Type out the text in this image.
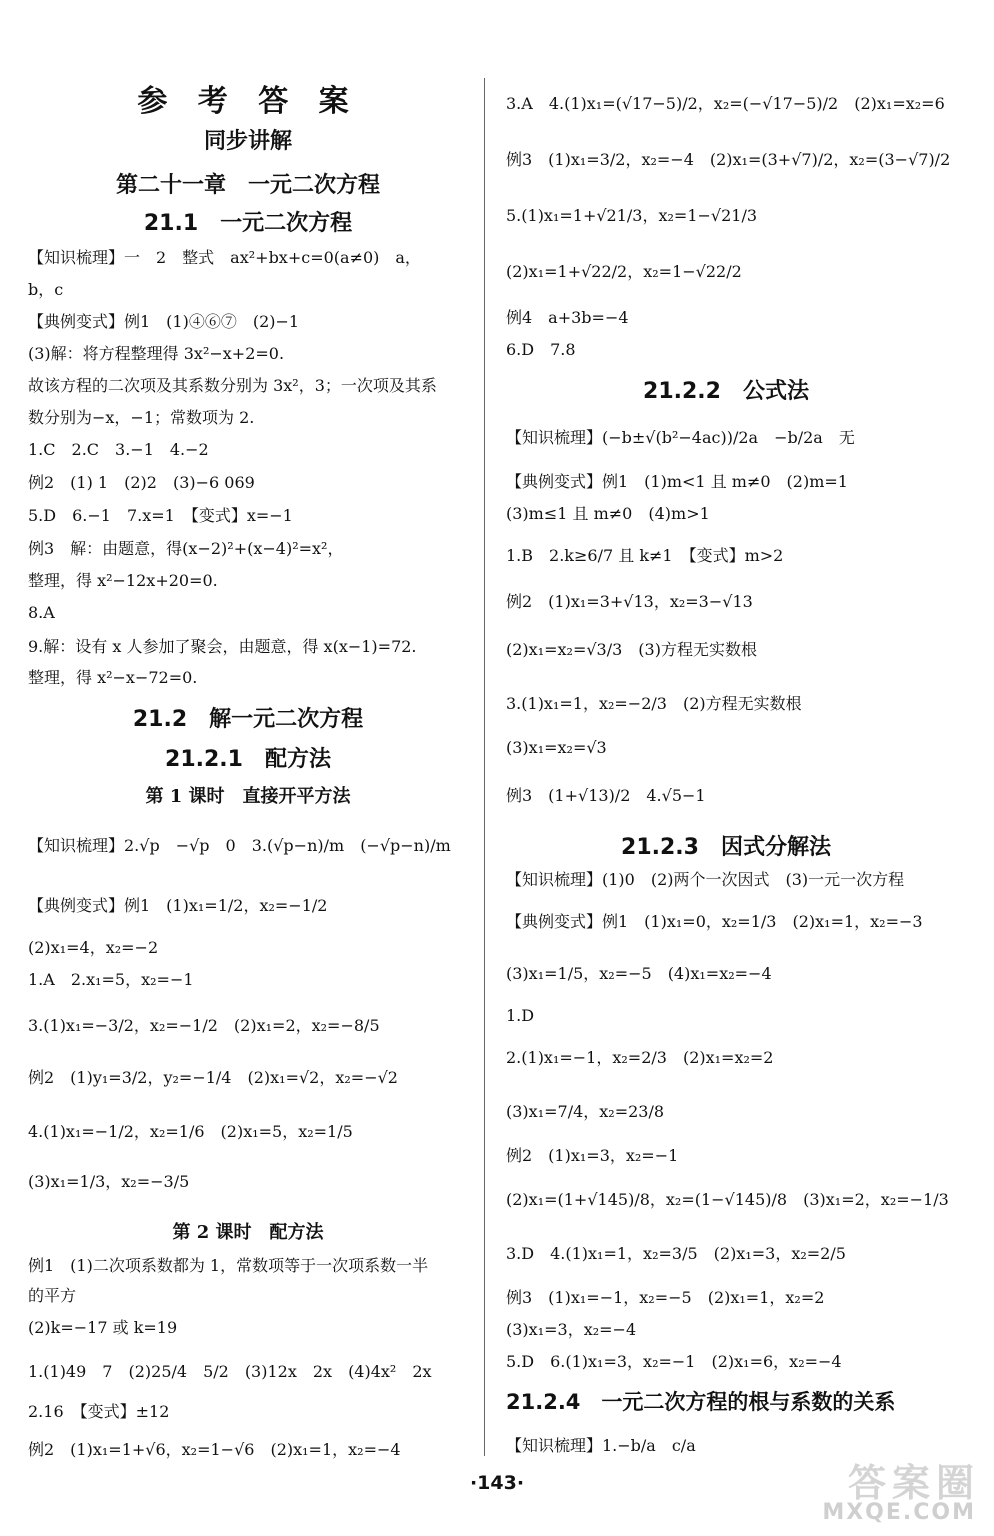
参 考 答 案
同步讲解
第二十一章　一元二次方程
21.1　一元二次方程
【知识梳理】一　2　整式　ax²+bx+c=0(a≠0)　a，
b，c
【典例变式】例1　(1)④⑥⑦　(2)−1
(3)解：将方程整理得 3x²−x+2=0.
故该方程的二次项及其系数分别为 3x²，3；一次项及其系
数分别为−x，−1；常数项为 2.
1.C　2.C　3.−1　4.−2
例2　(1) 1　(2)2　(3)−6 069
5.D　6.−1　7.x=1　【变式】x=−1
例3　解：由题意，得(x−2)²+(x−4)²=x²，
整理，得 x²−12x+20=0.
8.A
9.解：设有 x 人参加了聚会，由题意，得 x(x−1)=72.
整理，得 x²−x−72=0.
21.2　解一元二次方程
21.2.1　配方法
第 1 课时　直接开平方法
【知识梳理】2.√p　−√p　0　3.(√p−n)/m　(−√p−n)/m
【典例变式】例1　(1)x₁=1/2，x₂=−1/2
(2)x₁=4，x₂=−2
1.A　2.x₁=5，x₂=−1
3.(1)x₁=−3/2，x₂=−1/2　(2)x₁=2，x₂=−8/5
例2　(1)y₁=3/2，y₂=−1/4　(2)x₁=√2，x₂=−√2
4.(1)x₁=−1/2，x₂=1/6　(2)x₁=5，x₂=1/5
(3)x₁=1/3，x₂=−3/5
第 2 课时　配方法
例1　(1)二次项系数都为 1，常数项等于一次项系数一半
的平方
(2)k=−17 或 k=19
1.(1)49　7　(2)25/4　5/2　(3)12x　2x　(4)4x²　2x
2.16　【变式】±12
例2　(1)x₁=1+√6，x₂=1−√6　(2)x₁=1，x₂=−4
3.A　4.(1)x₁=(√17−5)/2，x₂=(−√17−5)/2　(2)x₁=x₂=6
例3　(1)x₁=3/2，x₂=−4　(2)x₁=(3+√7)/2，x₂=(3−√7)/2
5.(1)x₁=1+√21/3，x₂=1−√21/3
(2)x₁=1+√22/2，x₂=1−√22/2
例4　a+3b=−4
6.D　7.8
21.2.2　公式法
【知识梳理】(−b±√(b²−4ac))/2a　−b/2a　无
【典例变式】例1　(1)m<1 且 m≠0　(2)m=1
(3)m≤1 且 m≠0　(4)m>1
1.B　2.k≥6/7 且 k≠1　【变式】m>2
例2　(1)x₁=3+√13，x₂=3−√13
(2)x₁=x₂=√3/3　(3)方程无实数根
3.(1)x₁=1，x₂=−2/3　(2)方程无实数根
(3)x₁=x₂=√3
例3　(1+√13)/2　4.√5−1
21.2.3　因式分解法
【知识梳理】(1)0　(2)两个一次因式　(3)一元一次方程
【典例变式】例1　(1)x₁=0，x₂=1/3　(2)x₁=1，x₂=−3
(3)x₁=1/5，x₂=−5　(4)x₁=x₂=−4
1.D
2.(1)x₁=−1，x₂=2/3　(2)x₁=x₂=2
(3)x₁=7/4，x₂=23/8
例2　(1)x₁=3，x₂=−1
(2)x₁=(1+√145)/8，x₂=(1−√145)/8　(3)x₁=2，x₂=−1/3
3.D　4.(1)x₁=1，x₂=3/5　(2)x₁=3，x₂=2/5
例3　(1)x₁=−1，x₂=−5　(2)x₁=1，x₂=2
(3)x₁=3，x₂=−4
5.D　6.(1)x₁=3，x₂=−1　(2)x₁=6，x₂=−4
21.2.4　一元二次方程的根与系数的关系
【知识梳理】1.−b/a　c/a
·143·	答案圈
MXQE.COM
